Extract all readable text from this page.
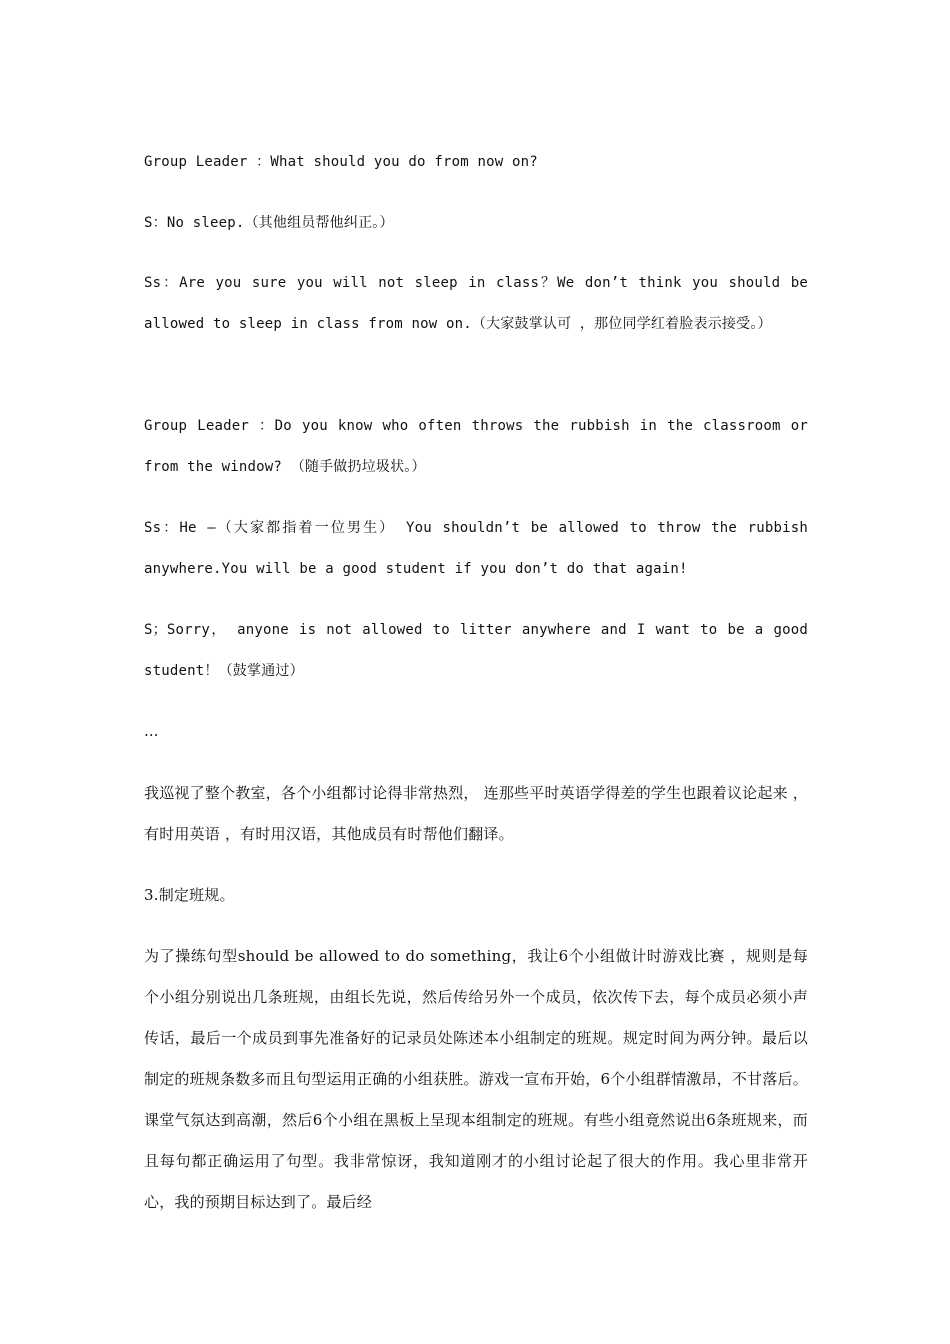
Group Leader ：What should you do from now on?

S：No sleep.（其他组员帮他纠正。）

Ss：Are you sure you will not sleep in class？We don’t think you should be allowed to sleep in class from now on.（大家鼓掌认可 ，那位同学红着脸表示接受。）

Group Leader ：Do you know who often throws the rubbish in the classroom or from the window? （随手做扔垃圾状。）

Ss：He —（大家都指着一位男生） You shouldn’t be allowed to throw the rubbish anywhere.You will be a good student if you don’t do that again!

S；Sorry， anyone is not allowed to litter anywhere and I want to be a good student！（鼓掌通过）

…

我巡视了整个教室，各个小组都讨论得非常热烈， 连那些平时英语学得差的学生也跟着议论起来 ，有时用英语 ，有时用汉语，其他成员有时帮他们翻译。

3.制定班规。

为了操练句型should be allowed to do something，我让6个小组做计时游戏比赛 ，规则是每个小组分别说出几条班规，由组长先说，然后传给另外一个成员，依次传下去，每个成员必须小声传话，最后一个成员到事先准备好的记录员处陈述本小组制定的班规。规定时间为两分钟。最后以制定的班规条数多而且句型运用正确的小组获胜。游戏一宣布开始，6个小组群情激昂，不甘落后。课堂气氛达到高潮，然后6个小组在黑板上呈现本组制定的班规。有些小组竟然说出6条班规来，而且每句都正确运用了句型。我非常惊讶，我知道刚才的小组讨论起了很大的作用。我心里非常开心，我的预期目标达到了。最后经
